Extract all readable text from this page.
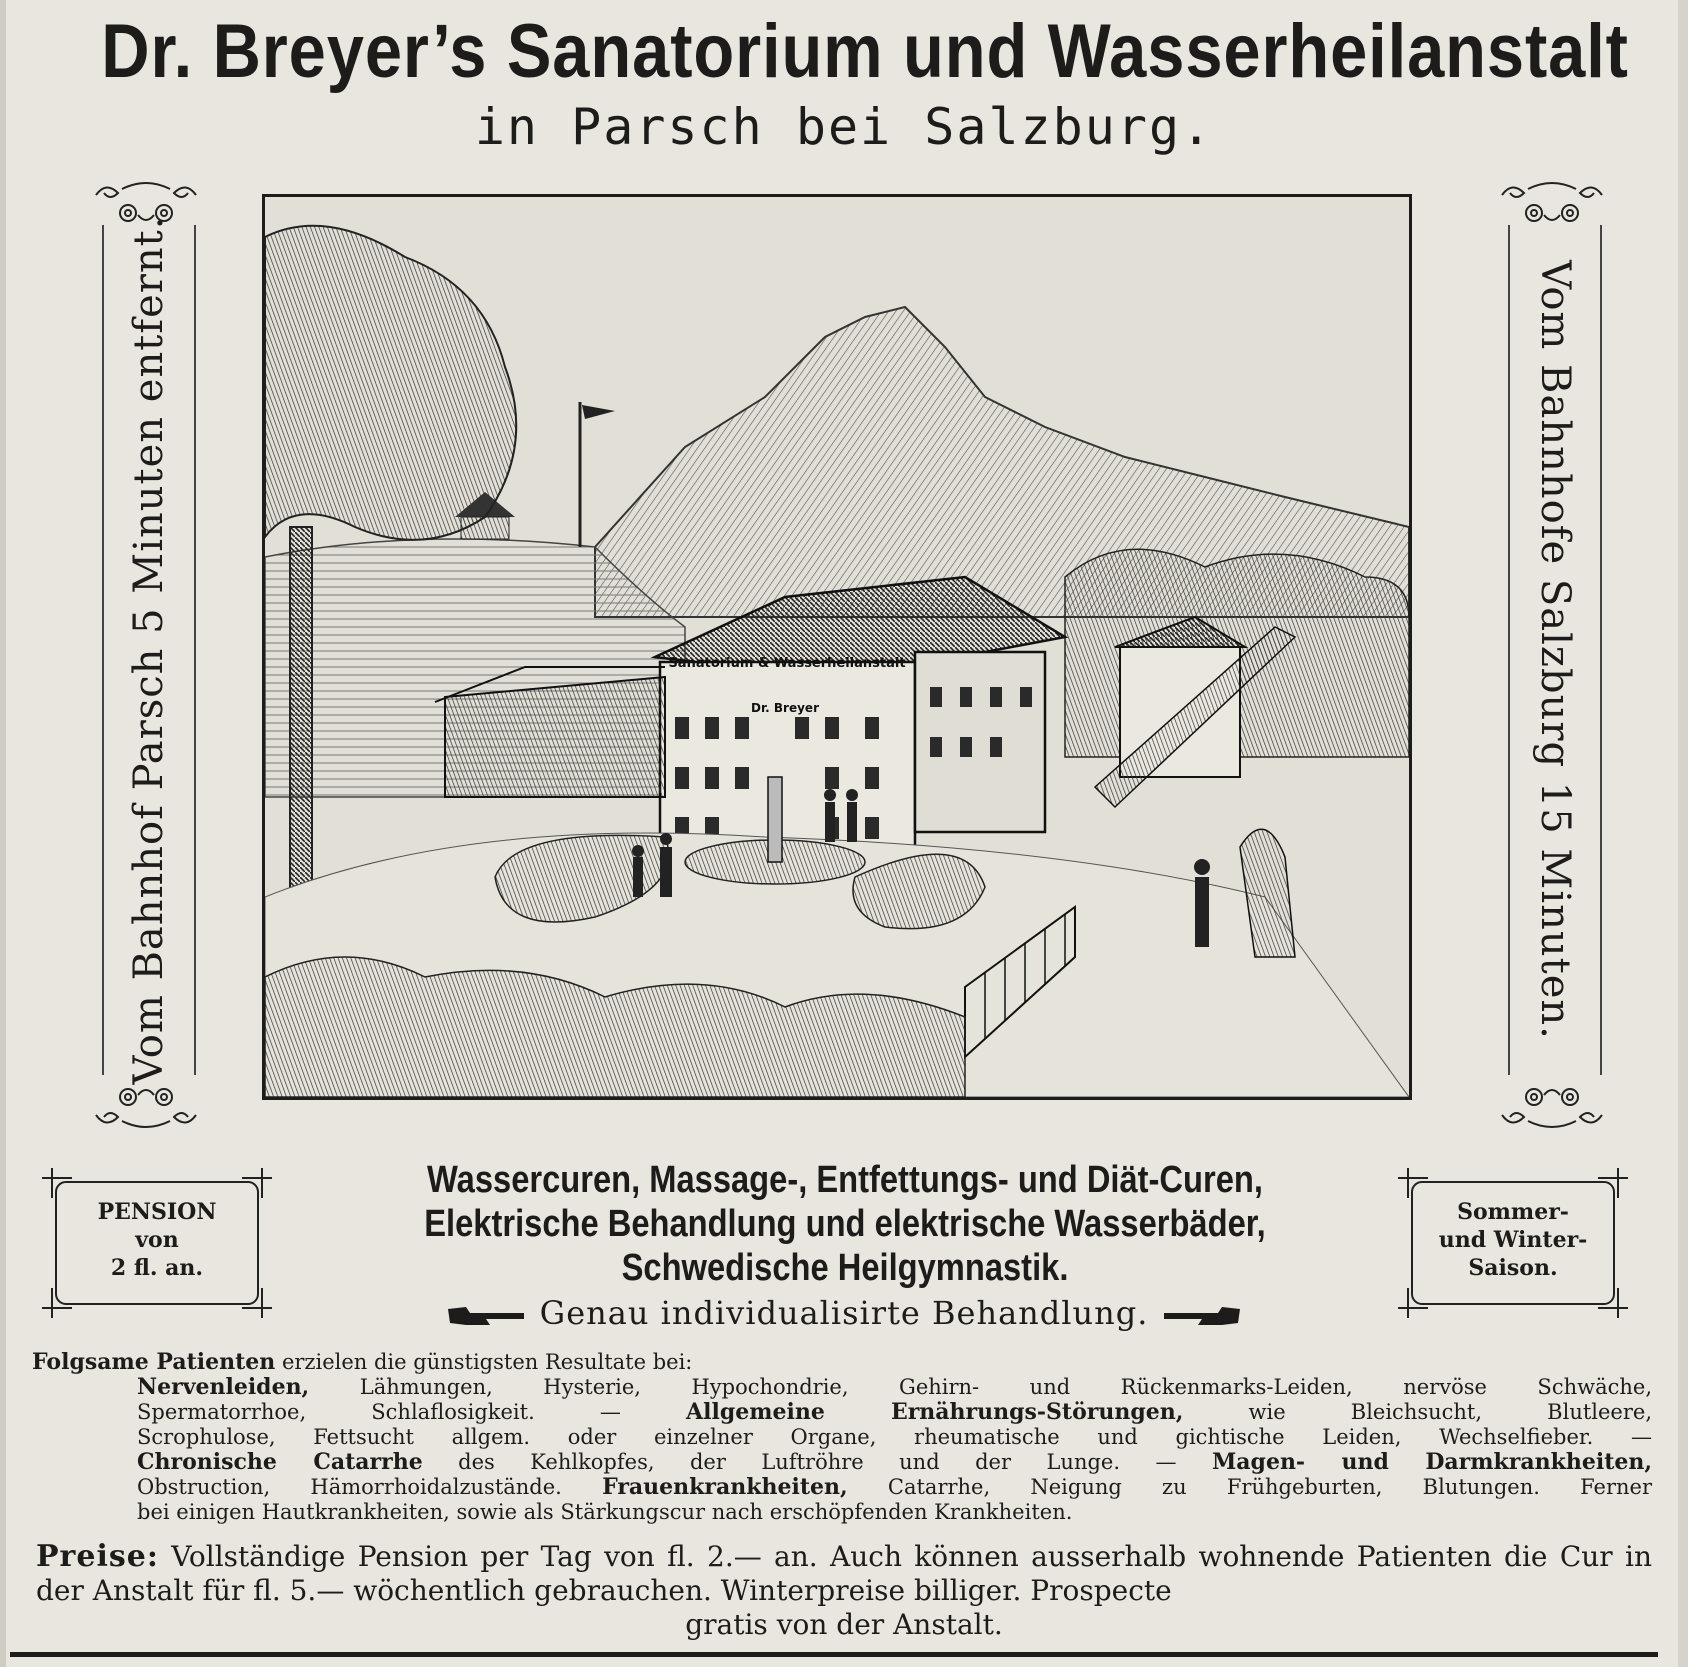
Dr. Breyer’s Sanatorium und Wasserheilanstalt
in Parsch bei Salzburg.
Vom Bahnhof Parsch 5 Minuten entfernt.	Vom Bahnhofe Salzburg 15 Minuten.
Sanatorium & Wasserheilanstalt
Dr. Breyer
PENSION
von
2 fl. an.
Sommer-
und Winter-
Saison.
Wassercuren, Massage-, Entfettungs- und Diät-Curen,
Elektrische Behandlung und elektrische Wasserbäder,
Schwedische Heilgymnastik.
Genau individualisirte Behandlung.
Folgsame Patienten erzielen die günstigsten Resultate bei:
Nervenleiden, Lähmungen, Hysterie, Hypochondrie, Gehirn- und Rückenmarks-Leiden, nervöse Schwäche,
Spermatorrhoe, Schlaflosigkeit. —	Allgemeine Ernährungs-Störungen,	wie Bleichsucht, Blutleere,
Scrophulose, Fettsucht allgem. oder einzelner Organe, rheumatische und gichtische Leiden, Wechselfieber. —
Chronische Catarrhe des Kehlkopfes, der Luftröhre und der Lunge. — Magen- und Darmkrankheiten,
Obstruction, Hämorrhoidalzustände. Frauenkrankheiten, Catarrhe, Neigung zu Frühgeburten, Blutungen. Ferner
bei einigen Hautkrankheiten, sowie als Stärkungscur nach erschöpfenden Krankheiten.
Preise: Vollständige Pension per Tag von fl. 2.— an. Auch können ausserhalb wohnende Patienten die Cur in der Anstalt für fl. 5.— wöchentlich gebrauchen. Winterpreise billiger. Prospecte
gratis von der Anstalt.
